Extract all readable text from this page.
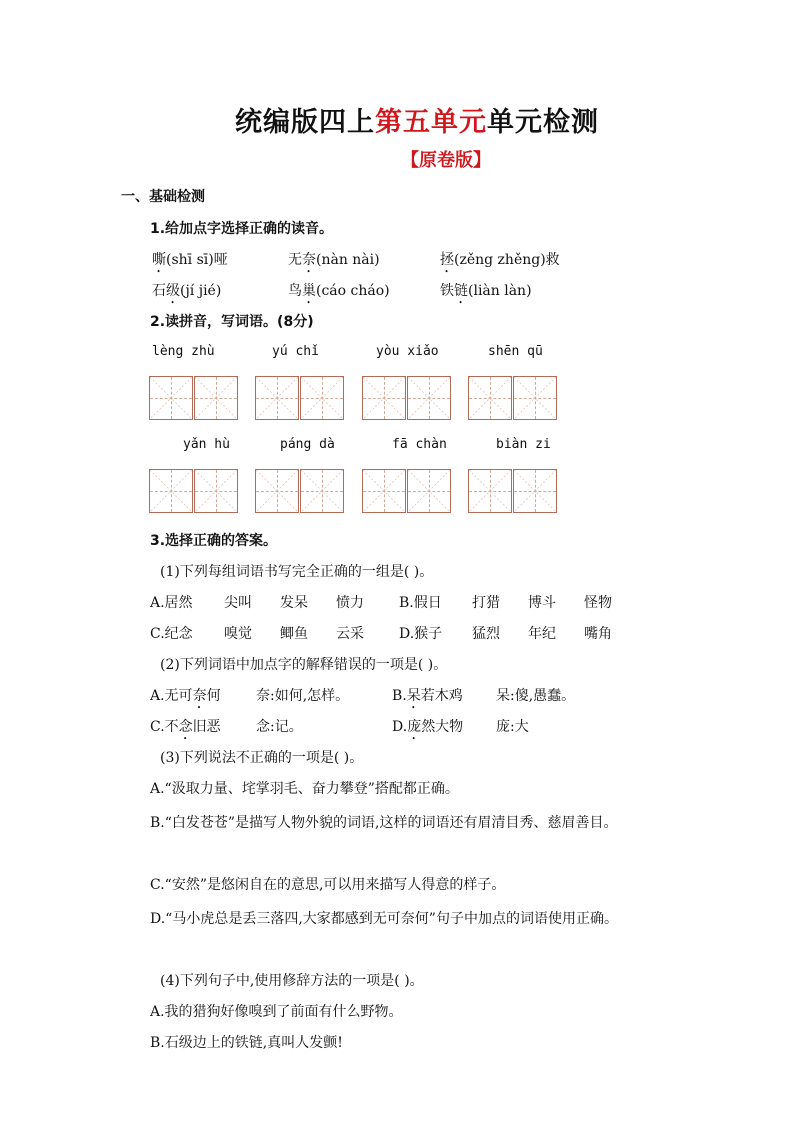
统编版四上第五单元单元检测
【原卷版】
一、基础检测
1.给加点字选择正确的读音。
嘶(shī sī)哑	无奈(nàn nài)	拯(zěng zhěng)救
石级(jí jié)	鸟巢(cáo cháo)	铁链(liàn làn)
2.读拼音，写词语。(8分)
lèng zhù	yú chǐ	yòu xiǎo	shēn qū
yǎn hù	páng dà	fā chàn	biàn zi
3.选择正确的答案。
(1)下列每组词语书写完全正确的一组是( )。
A.居然 尖叫 发呆 愤力	B.假日 打猎 博斗 怪物
C.纪念 嗅觉 鲫鱼 云采	D.猴子 猛烈 年纪 嘴角
(2)下列词语中加点字的解释错误的一项是( )。
A.无可奈何	奈:如何,怎样。	B.呆若木鸡 呆:傻,愚蠢。
C.不念旧恶	念:记。	D.庞然大物 庞:大
(3)下列说法不正确的一项是( )。
A.“汲取力量、垞掌羽毛、奋力攀登”搭配都正确。
B.“白发苍苍”是描写人物外貌的词语,这样的词语还有眉清目秀、慈眉善目。
C.“安然”是悠闲自在的意思,可以用来描写人得意的样子。
D.“马小虎总是丢三落四,大家都感到无可奈何”句子中加点的词语使用正确。
(4)下列句子中,使用修辞方法的一项是( )。
A.我的猎狗好像嗅到了前面有什么野物。
B.石级边上的铁链,真叫人发颤!
